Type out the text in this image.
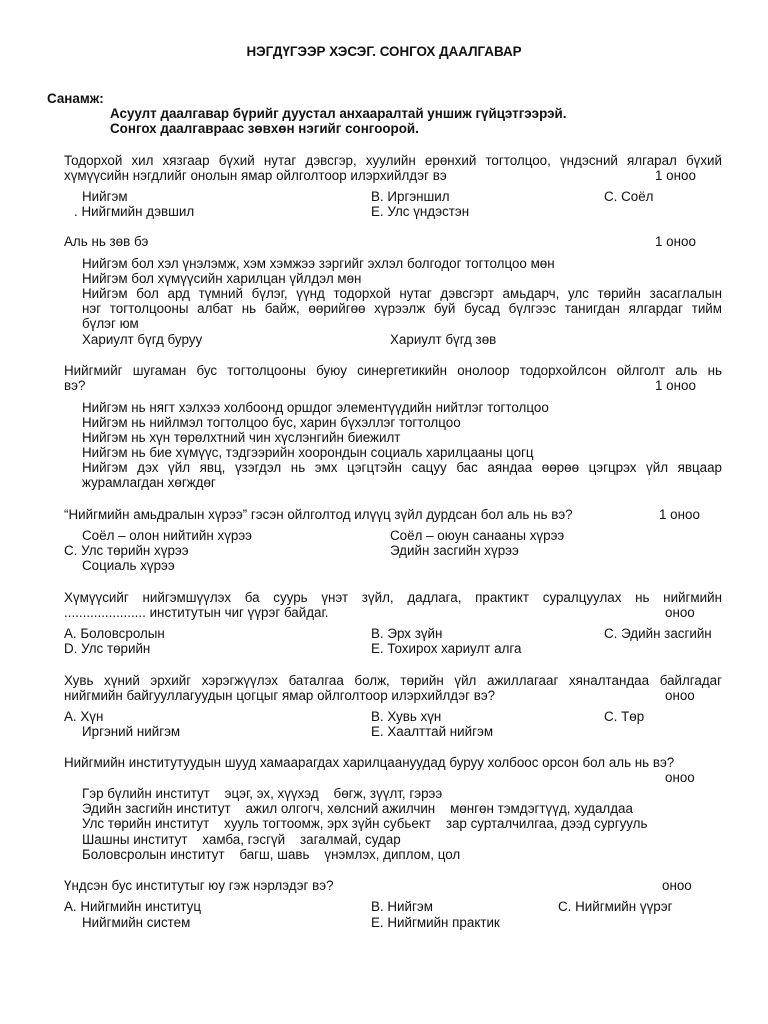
НЭГДҮГЭЭР ХЭСЭГ. СОНГОХ ДААЛГАВАР
Санамж:
Асуулт даалгавар бүрийг дуустал анхааралтай уншиж гүйцэтгээрэй.
Сонгох даалгавраас зөвхөн нэгийг сонгоорой.
Тодорхой хил хязгаар бүхий нутаг дэвсгэр, хуулийн ерөнхий тогтолцоо, үндэсний ялгарал бүхий
хүмүүсийн нэгдлийг онолын ямар ойлголтоор илэрхийлдэг вэ	1 оноо
Нийгэм	B. Иргэншил	C. Соёл
. Нийгмийн дэвшил	E. Улс үндэстэн
Аль нь зөв бэ	1 оноо
Нийгэм бол хэл үнэлэмж, хэм хэмжээ зэргийг эхлэл болгодог тогтолцоо мөн
Нийгэм бол хүмүүсийн харилцан үйлдэл мөн
Нийгэм бол ард түмний бүлэг, үүнд тодорхой нутаг дэвсгэрт амьдарч, улс төрийн засаглалын
нэг тогтолцооны албат нь байж, өөрийгөө хүрээлж буй бусад бүлгээс танигдан ялгардаг тийм
бүлэг юм
Хариулт бүгд буруу	Хариулт бүгд зөв
Нийгмийг шугаман бус тогтолцооны буюу синергетикийн онолоор тодорхойлсон ойлголт аль нь
вэ?	1 оноо
Нийгэм нь нягт хэлхээ холбоонд оршдог элементүүдийн нийтлэг тогтолцоо
Нийгэм нь нийлмэл тогтолцоо бус, харин бүхэллэг тогтолцоо
Нийгэм нь хүн төрөлхтний чин хүслэнгийн биежилт
Нийгэм нь бие хүмүүс, тэдгээрийн хоорондын социаль харилцааны цогц
Нийгэм дэх үйл явц, үзэгдэл нь эмх цэгцтэйн сацуу бас аяндаа өөрөө цэгцрэх үйл явцаар
журамлагдан хөгждөг
“Нийгмийн амьдралын хүрээ” гэсэн ойлголтод илүүц зүйл дурдсан бол аль нь вэ?	1 оноо
Соёл – олон нийтийн хүрээ	Соёл – оюун санааны хүрээ
C. Улс төрийн хүрээ	Эдийн засгийн хүрээ
Социаль хүрээ
Хүмүүсийг нийгэмшүүлэх ба суурь үнэт зүйл, дадлага, практикт суралцуулах нь нийгмийн
...................... институтын чиг үүрэг байдаг.	оноо
A. Боловсролын	B. Эрх зүйн	C. Эдийн засгийн
D. Улс төрийн	E. Тохирох хариулт алга
Хувь хүний эрхийг хэрэгжүүлэх баталгаа болж, төрийн үйл ажиллагааг хяналтандаа байлгадаг
нийгмийн байгууллагуудын цогцыг ямар ойлголтоор илэрхийлдэг вэ?	оноо
A. Хүн	B. Хувь хүн	C. Төр
Иргэний нийгэм	E. Хаалттай нийгэм
Нийгмийн институтуудын шууд хамаарагдах харилцаануудад буруу холбоос орсон бол аль нь вэ?
оноо
Гэр бүлийн институт    эцэг, эх, хүүхэд    бөгж, зүүлт, гэрээ
Эдийн засгийн институт    ажил олгогч, хөлсний ажилчин    мөнгөн тэмдэгтүүд, худалдаа
Улс төрийн институт    хууль тогтоомж, эрх зүйн субьект    зар сурталчилгаа, дээд сургууль
Шашны институт    хамба, гэсгүй    загалмай, судар
Боловсролын институт    багш, шавь    үнэмлэх, диплом, цол
Үндсэн бус институтыг юу гэж нэрлэдэг вэ?	оноо
A. Нийгмийн институц	B. Нийгэм	C. Нийгмийн үүрэг
Нийгмийн систем	E. Нийгмийн практик
